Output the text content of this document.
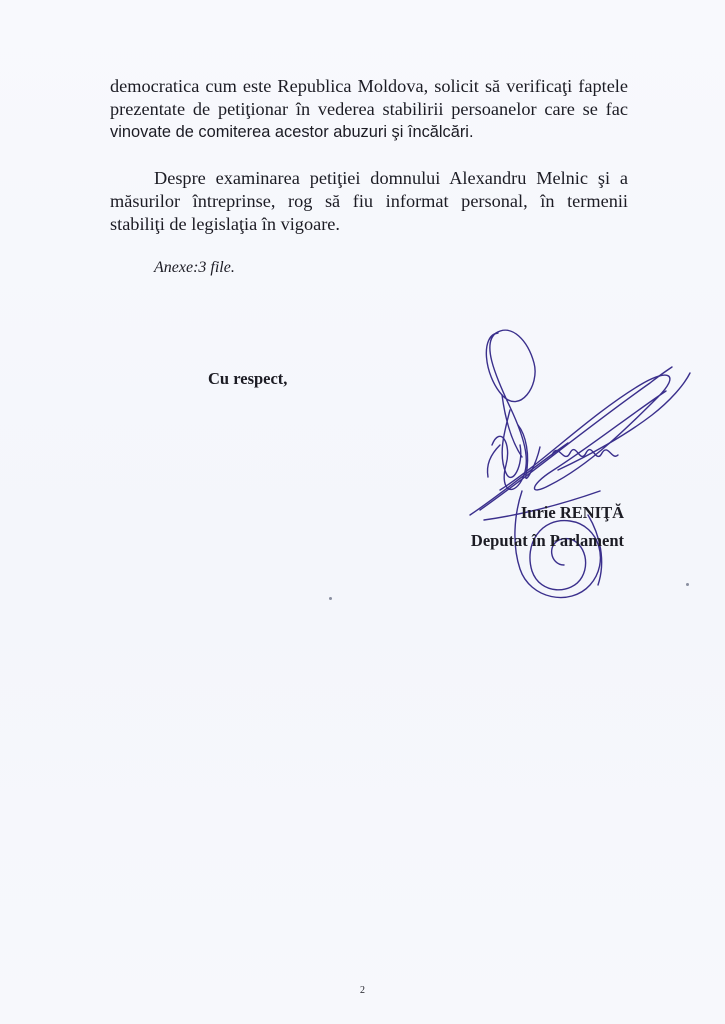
democratica cum este Republica Moldova, solicit să verificaţi faptele
prezentate de petiţionar în vederea stabilirii persoanelor care se fac
vinovate de comiterea acestor abuzuri şi încălcări.
Despre examinarea petiţiei domnului Alexandru Melnic şi a
măsurilor întreprinse, rog să fiu informat personal, în termenii
stabiliţi de legislaţia în vigoare.

Anexe:3 file.

Cu respect,

Iurie RENIŢĂ

Deputat în Parlament

2
